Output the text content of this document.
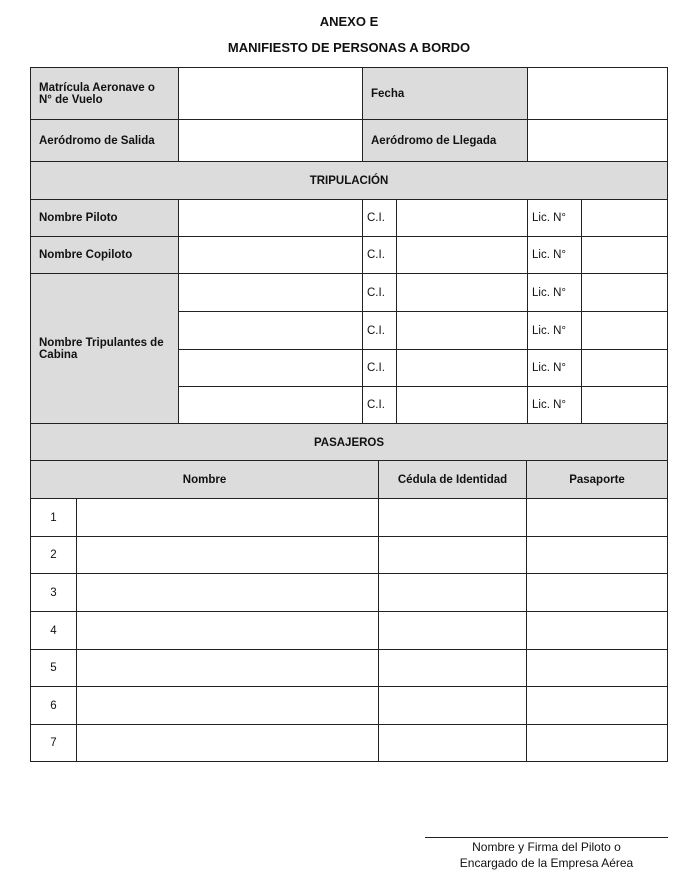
ANEXO E
MANIFIESTO DE PERSONAS A BORDO
Matrícula Aeronave o N° de Vuelo		Fecha			
Aeródromo de Salida		Aeródromo de Llegada			
TRIPULACIÓN					
Nombre Piloto		C.I.		Lic. N°	
Nombre Copiloto		C.I.		Lic. N°	
Nombre Tripulantes de Cabina		C.I.		Lic. N°	
		C.I.		Lic. N°	
		C.I.		Lic. N°	
		C.I.		Lic. N°	
PASAJEROS					
Nombre		Cédula de Identidad	Pasaporte
1			
2			
3			
4			
5			
6			
7			
Nombre y Firma del Piloto o
Encargado de la Empresa Aérea
